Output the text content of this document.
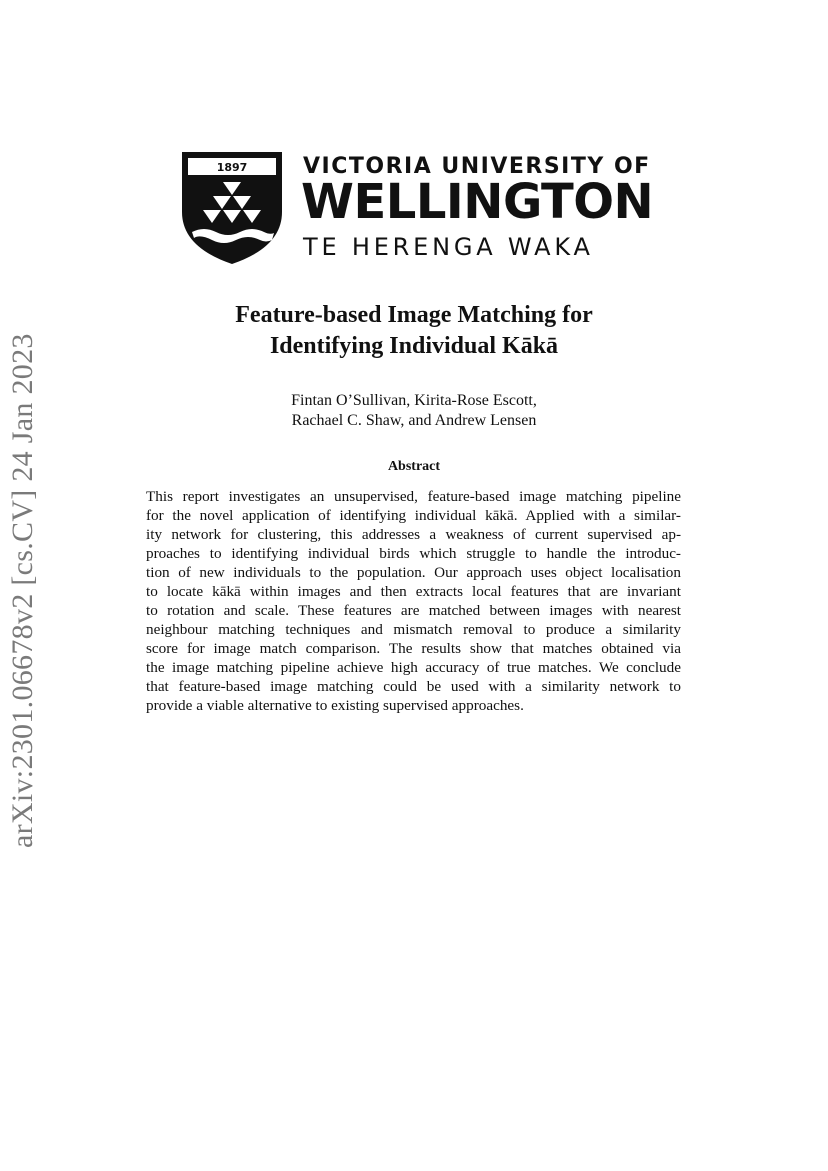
arXiv:2301.06678v2 [cs.CV] 24 Jan 2023
1897	VICTORIA UNIVERSITY OF
WELLINGTON
TE HERENGA WAKA
Feature-based Image Matching for
Identifying Individual Kākā
Fintan O’Sullivan, Kirita-Rose Escott,
Rachael C. Shaw, and Andrew Lensen
Abstract
This report investigates an unsupervised, feature-based image matching pipeline
for the novel application of identifying individual kākā. Applied with a similar-
ity network for clustering, this addresses a weakness of current supervised ap-
proaches to identifying individual birds which struggle to handle the introduc-
tion of new individuals to the population. Our approach uses object localisation
to locate kākā within images and then extracts local features that are invariant
to rotation and scale. These features are matched between images with nearest
neighbour matching techniques and mismatch removal to produce a similarity
score for image match comparison. The results show that matches obtained via
the image matching pipeline achieve high accuracy of true matches. We conclude
that feature-based image matching could be used with a similarity network to
provide a viable alternative to existing supervised approaches.
